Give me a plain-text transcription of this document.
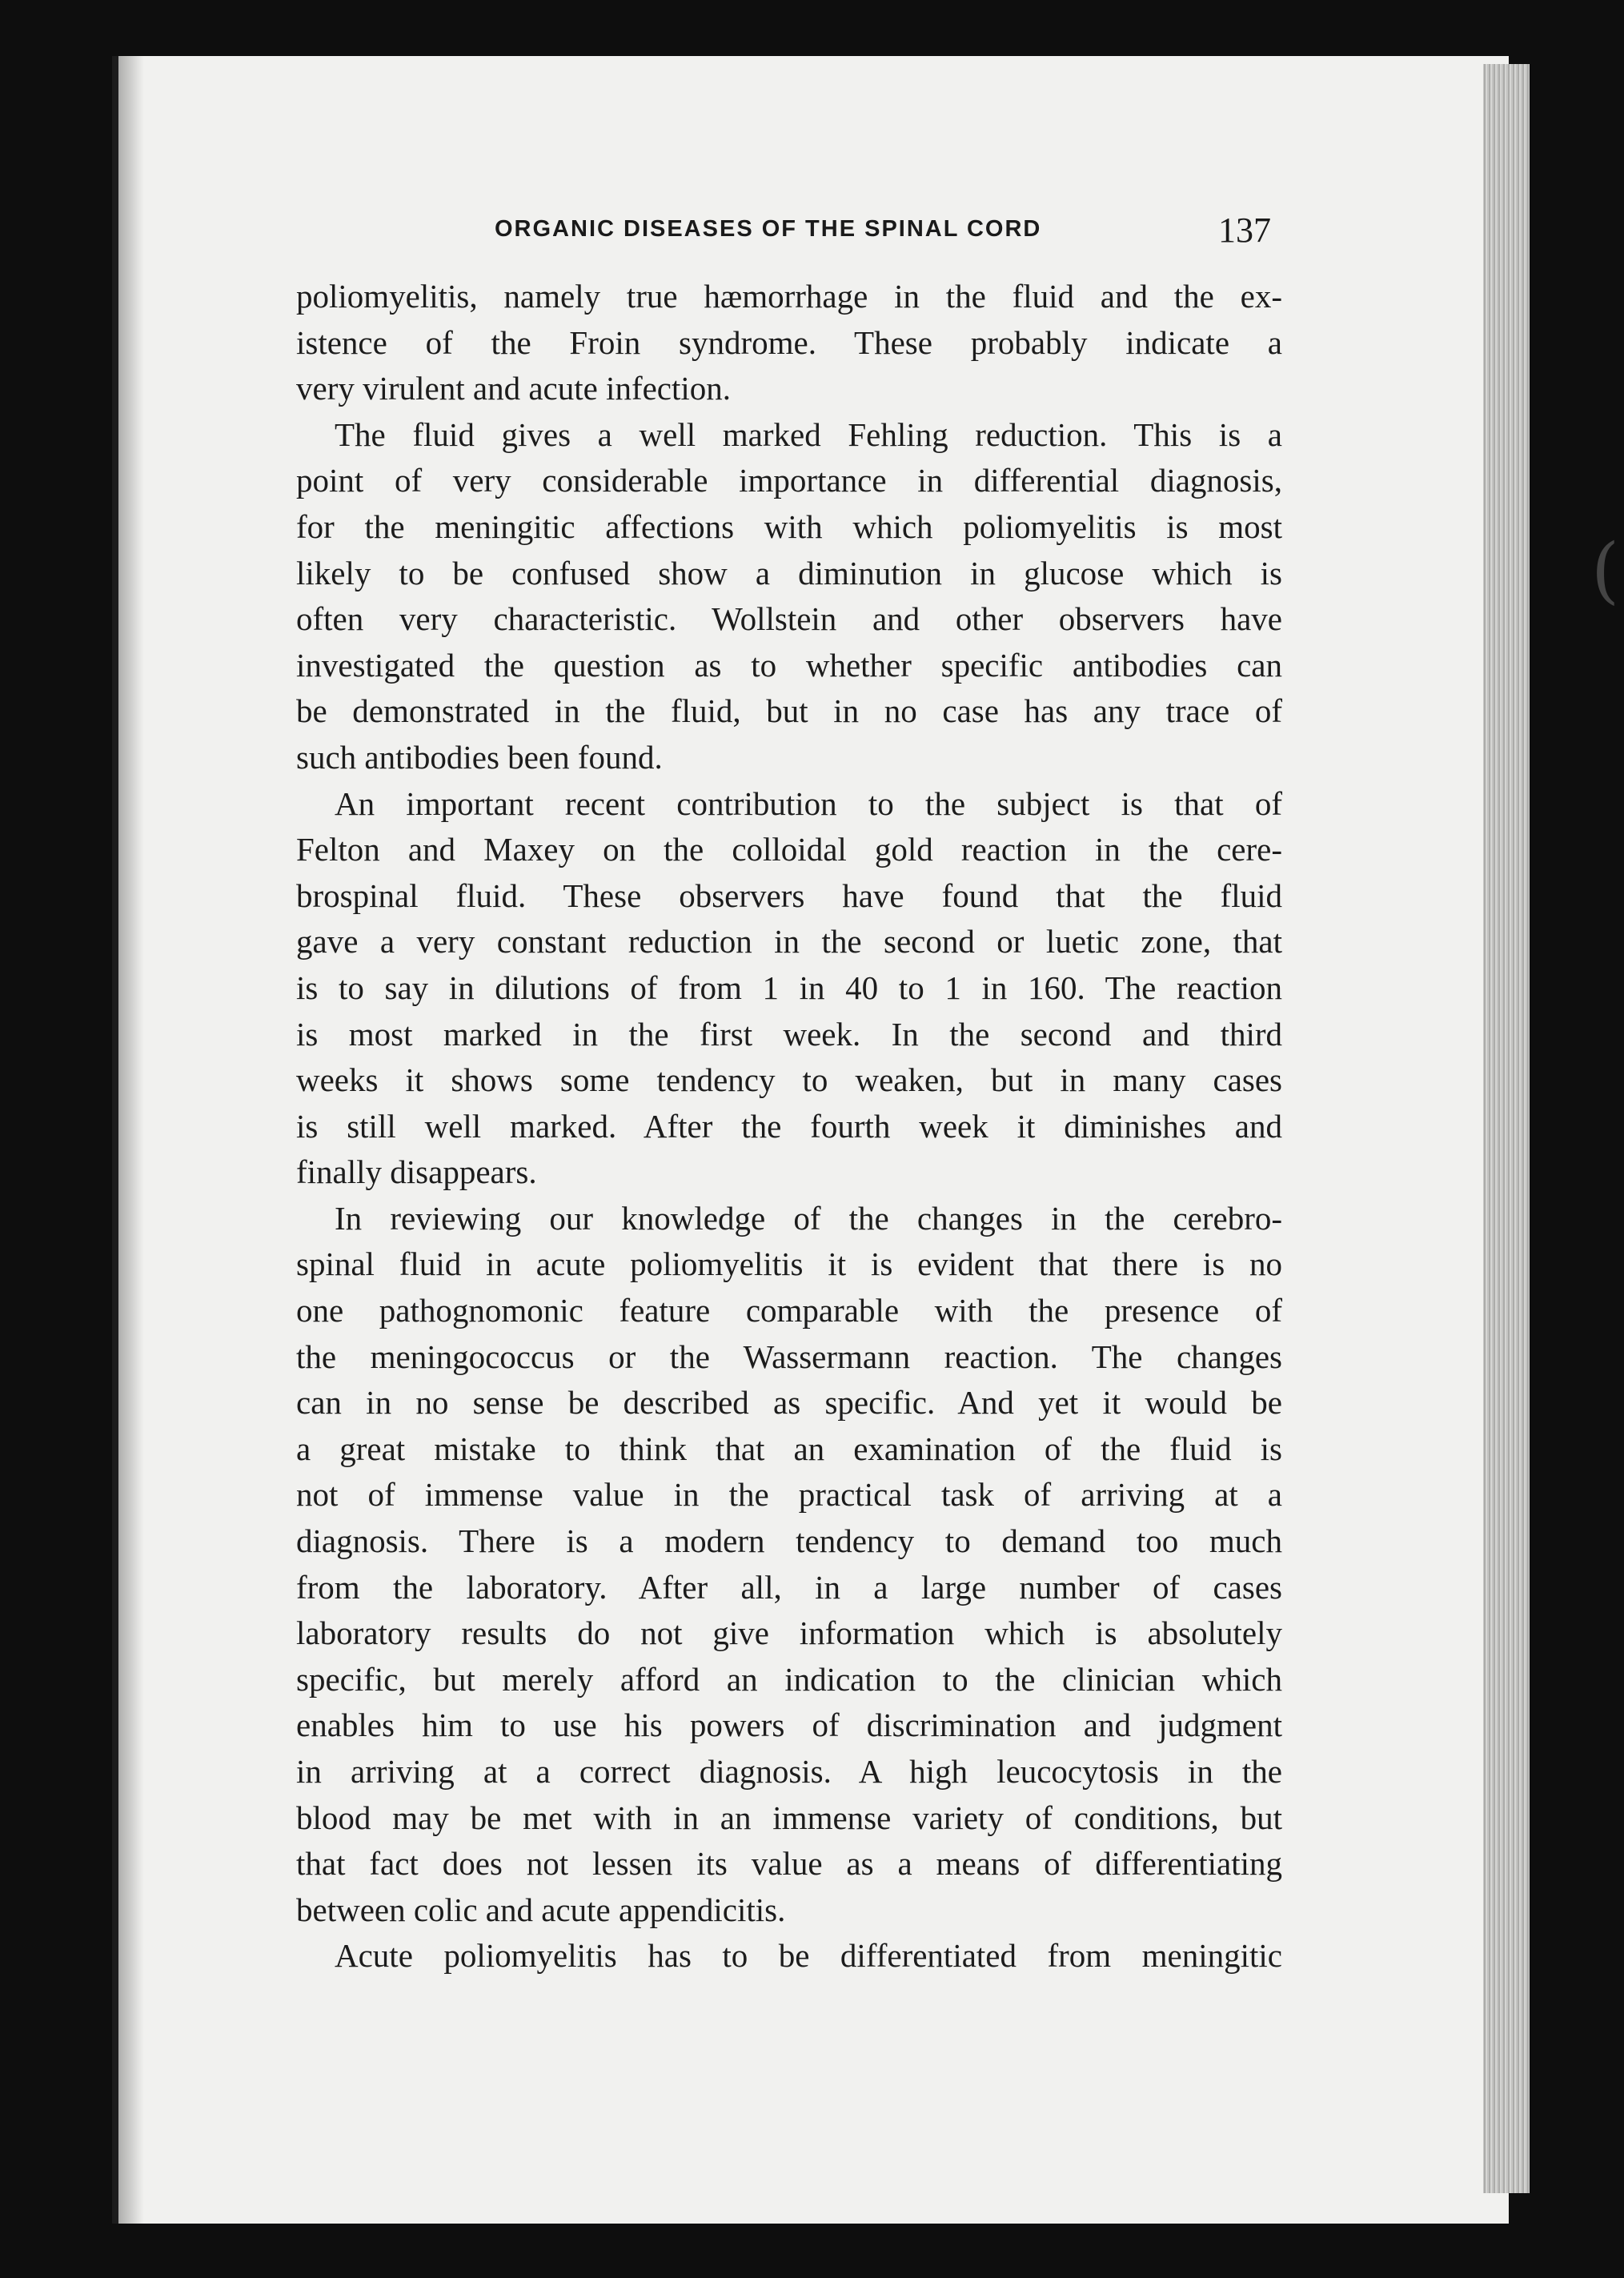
(
ORGANIC DISEASES OF THE SPINAL CORD	137
poliomyelitis, namely true hæmorrhage in the fluid and the ex-
istence of the Froin syndrome. These probably indicate a
very virulent and acute infection.
The fluid gives a well marked Fehling reduction. This is a
point of very considerable importance in differential diagnosis,
for the meningitic affections with which poliomyelitis is most
likely to be confused show a diminution in glucose which is
often very characteristic. Wollstein and other observers have
investigated the question as to whether specific antibodies can
be demonstrated in the fluid, but in no case has any trace of
such antibodies been found.
An important recent contribution to the subject is that of
Felton and Maxey on the colloidal gold reaction in the cere-
brospinal fluid. These observers have found that the fluid
gave a very constant reduction in the second or luetic zone, that
is to say in dilutions of from 1 in 40 to 1 in 160. The reaction
is most marked in the first week. In the second and third
weeks it shows some tendency to weaken, but in many cases
is still well marked. After the fourth week it diminishes and
finally disappears.
In reviewing our knowledge of the changes in the cerebro-
spinal fluid in acute poliomyelitis it is evident that there is no
one pathognomonic feature comparable with the presence of
the meningococcus or the Wassermann reaction. The changes
can in no sense be described as specific. And yet it would be
a great mistake to think that an examination of the fluid is
not of immense value in the practical task of arriving at a
diagnosis. There is a modern tendency to demand too much
from the laboratory. After all, in a large number of cases
laboratory results do not give information which is absolutely
specific, but merely afford an indication to the clinician which
enables him to use his powers of discrimination and judgment
in arriving at a correct diagnosis. A high leucocytosis in the
blood may be met with in an immense variety of conditions, but
that fact does not lessen its value as a means of differentiating
between colic and acute appendicitis.
Acute poliomyelitis has to be differentiated from meningitic
